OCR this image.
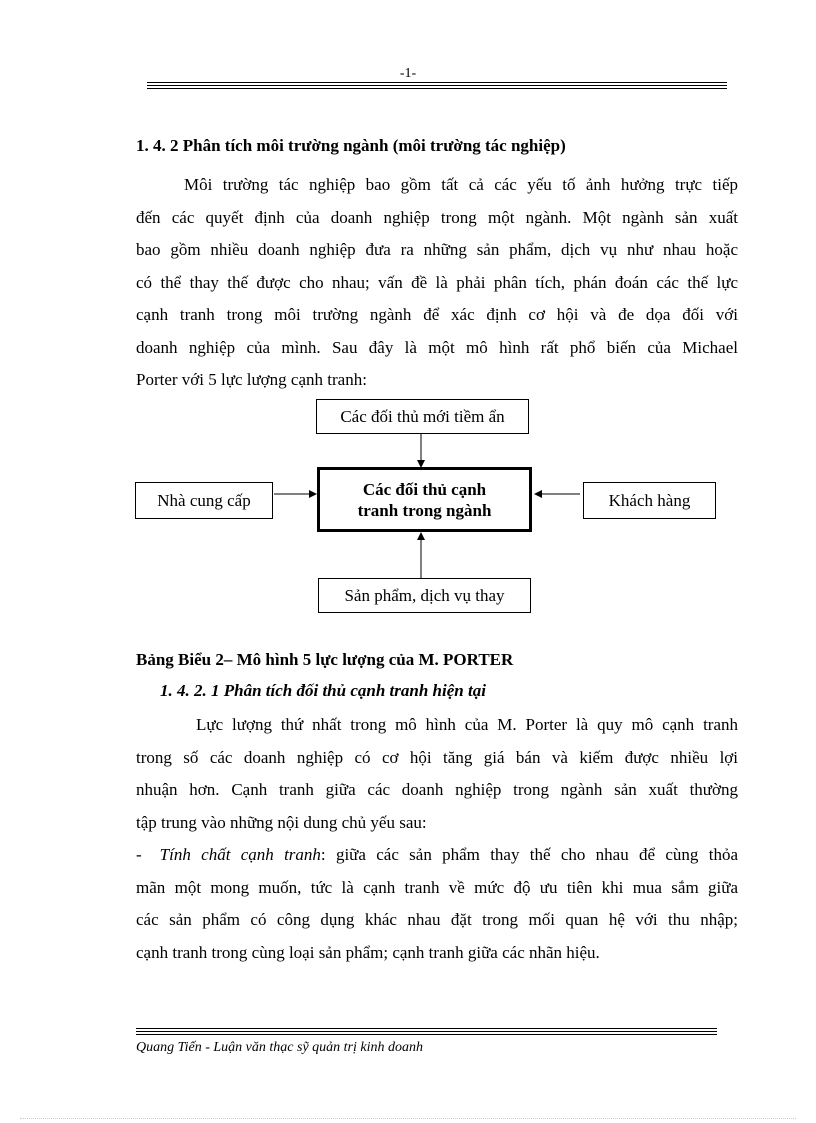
-1-
1. 4. 2 Phân tích môi trường ngành (môi trường tác nghiệp)
Môi trường tác nghiệp bao gồm tất cả các yếu tố ảnh hưởng trực tiếp
đến các quyết định của doanh nghiệp trong một ngành. Một ngành sản xuất
bao gồm nhiều doanh nghiệp đưa ra những sản phẩm, dịch vụ như nhau hoặc
có thể thay thế được cho nhau; vấn đề là phải phân tích, phán đoán các thế lực
cạnh tranh trong môi trường ngành để xác định cơ hội và đe dọa đối với
doanh nghiệp của mình. Sau đây là một mô hình rất phổ biến của Michael
Porter với 5 lực lượng cạnh tranh:
Các đối thủ mới tiềm ẩn
Nhà cung cấp
Các đối thủ cạnh
tranh trong ngành
Khách hàng
Sản phẩm, dịch vụ thay
Bảng Biểu 2– Mô hình 5 lực lượng của M. PORTER
1. 4. 2. 1 Phân tích đối thủ cạnh tranh hiện tại
Lực lượng thứ nhất trong mô hình của M. Porter là quy mô cạnh tranh
trong số các doanh nghiệp có cơ hội tăng giá bán và kiếm được nhiều lợi
nhuận hơn. Cạnh tranh giữa các doanh nghiệp trong ngành sản xuất thường
tập trung vào những nội dung chủ yếu sau:
- Tính chất cạnh tranh: giữa các sản phẩm thay thế cho nhau để cùng thỏa
mãn một mong muốn, tức là cạnh tranh về mức độ ưu tiên khi mua sắm giữa
các sản phẩm có công dụng khác nhau đặt trong mối quan hệ với thu nhập;
cạnh tranh trong cùng loại sản phẩm; cạnh tranh giữa các nhãn hiệu.
Quang Tiến - Luận văn thạc sỹ quản trị kinh doanh
